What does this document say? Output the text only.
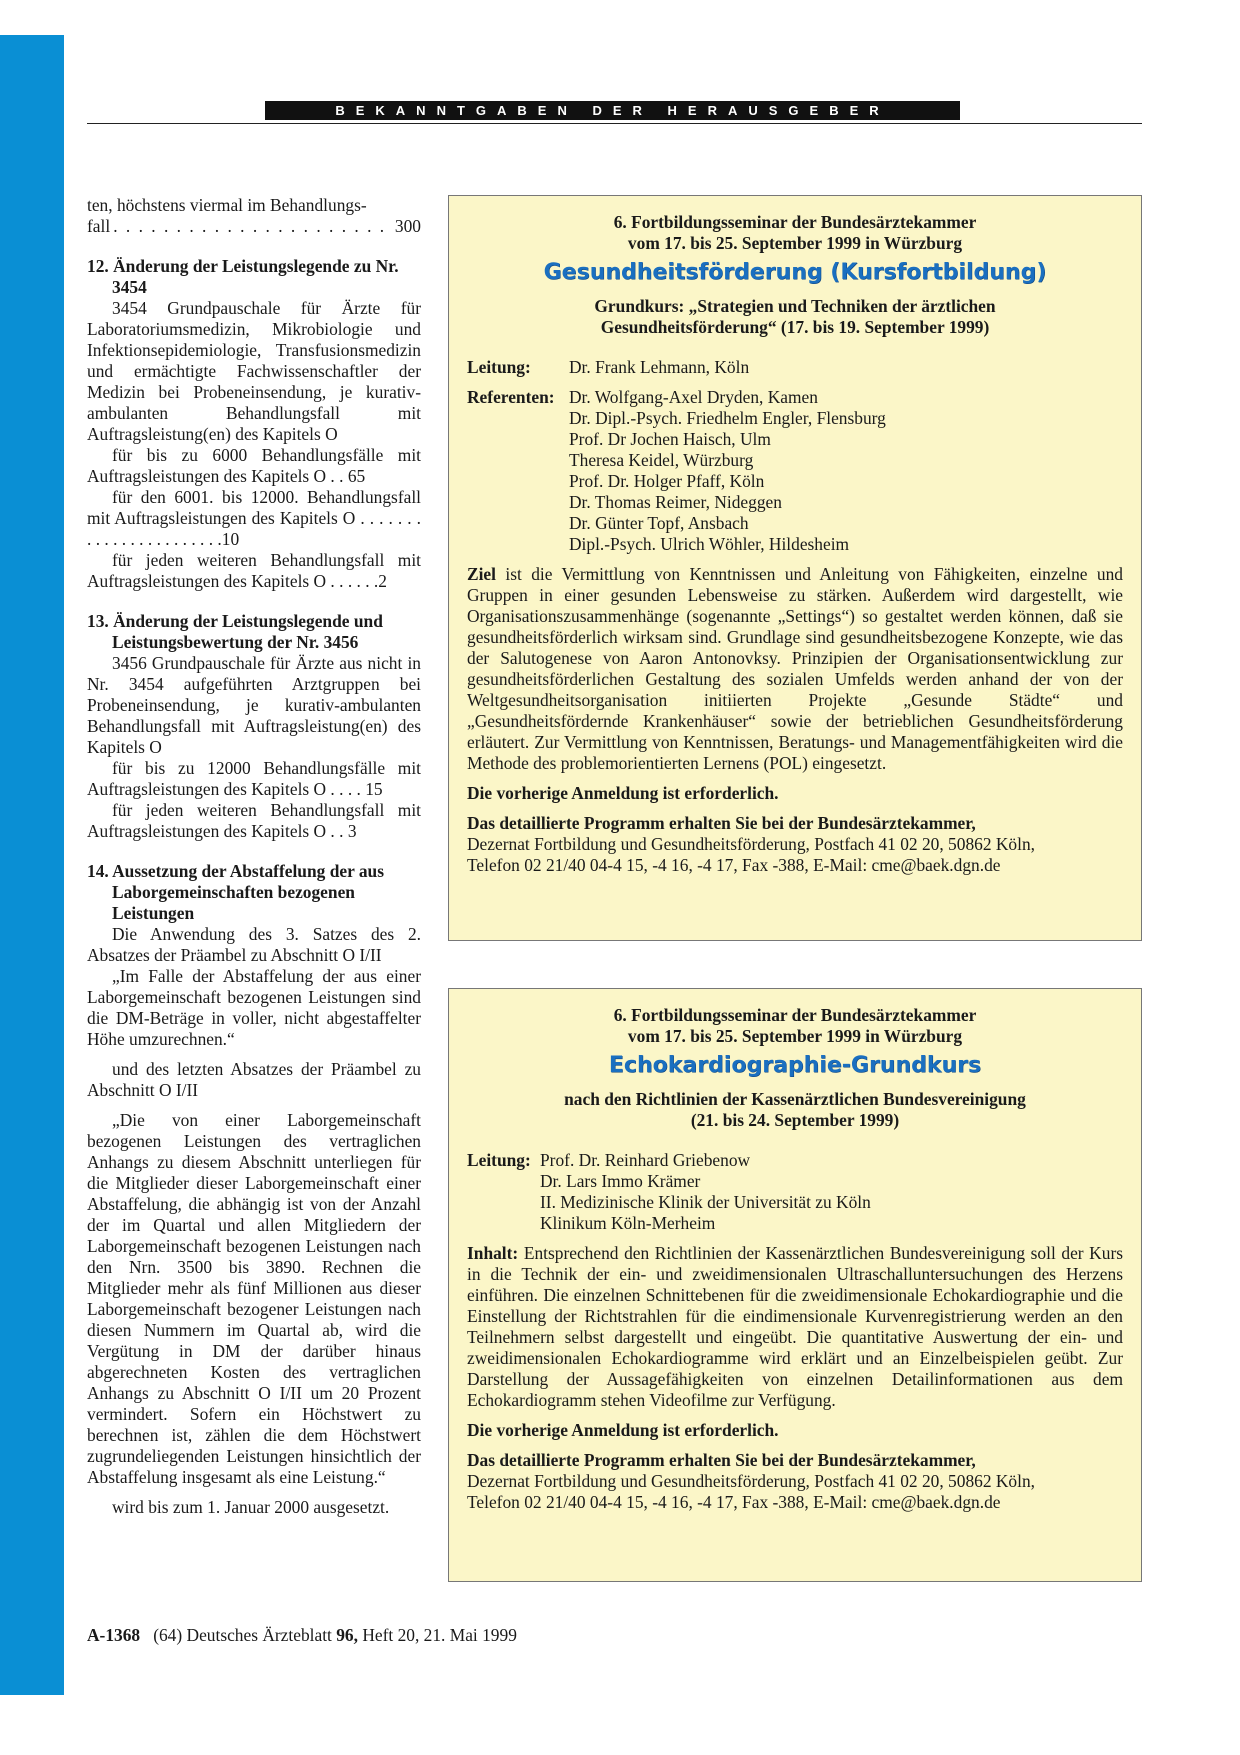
BEKANNTGABEN DER HERAUSGEBER

ten, höchstens viermal im Behandlungs-

fall . . .	300
12. Änderung der Leistungslegende zu Nr. 3454

3454 Grundpauschale für Ärzte für Laboratoriumsmedizin, Mikrobiologie und Infektionsepidemiologie, Transfusionsmedizin und ermächtigte Fachwissenschaftler der Medizin bei Probeneinsendung, je kurativ-ambulanten Behandlungsfall mit Auftragsleistung(en) des Kapitels O

für bis zu 6000 Behandlungsfälle mit Auftragsleistungen des Kapitels O . . 65

für den 6001. bis 12000. Behandlungsfall mit Auftragsleistungen des Kapitels O . . . . . . . . . . . . . . . . . . . . . . .10

für jeden weiteren Behandlungsfall mit Auftragsleistungen des Kapitels O . . . . . .2

13. Änderung der Leistungslegende und Leistungsbewertung der Nr. 3456

3456 Grundpauschale für Ärzte aus nicht in Nr. 3454 aufgeführten Arztgruppen bei Probeneinsendung, je kurativ-ambulanten Behandlungsfall mit Auftragsleistung(en) des Kapitels O

für bis zu 12000 Behandlungsfälle mit Auftragsleistungen des Kapitels O . . . . 15

für jeden weiteren Behandlungsfall mit Auftragsleistungen des Kapitels O . . 3

14. Aussetzung der Abstaffelung der aus Laborgemeinschaften bezogenen Leistungen

Die Anwendung des 3. Satzes des 2. Absatzes der Präambel zu Abschnitt O I/II

„Im Falle der Abstaffelung der aus einer Laborgemeinschaft bezogenen Leistungen sind die DM-Beträge in voller, nicht abgestaffelter Höhe umzurechnen.“

und des letzten Absatzes der Präambel zu Abschnitt O I/II

„Die von einer Laborgemeinschaft bezogenen Leistungen des vertraglichen Anhangs zu diesem Abschnitt unterliegen für die Mitglieder dieser Laborgemeinschaft einer Abstaffelung, die abhängig ist von der Anzahl der im Quartal und allen Mitgliedern der Laborgemeinschaft bezogenen Leistungen nach den Nrn. 3500 bis 3890. Rechnen die Mitglieder mehr als fünf Millionen aus dieser Laborgemeinschaft bezogener Leistungen nach diesen Nummern im Quartal ab, wird die Vergütung in DM der darüber hinaus abgerechneten Kosten des vertraglichen Anhangs zu Abschnitt O I/II um 20 Prozent vermindert. Sofern ein Höchstwert zu berechnen ist, zählen die dem Höchstwert zugrundeliegenden Leistungen hinsichtlich der Abstaffelung insgesamt als eine Leistung.“

wird bis zum 1. Januar 2000 ausgesetzt.

6. Fortbildungsseminar der Bundesärztekammer
vom 17. bis 25. September 1999 in Würzburg
Gesundheitsförderung (Kursfortbildung)
Grundkurs: „Strategien und Techniken der ärztlichen
Gesundheitsförderung“ (17. bis 19. September 1999)
Leitung:	Dr. Frank Lehmann, Köln
Referenten: Dr. Wolfgang-Axel Dryden, Kamen
Dr. Dipl.-Psych. Friedhelm Engler, Flensburg
Prof. Dr Jochen Haisch, Ulm
Theresa Keidel, Würzburg
Prof. Dr. Holger Pfaff, Köln
Dr. Thomas Reimer, Nideggen
Dr. Günter Topf, Ansbach
Dipl.-Psych. Ulrich Wöhler, Hildesheim

Ziel ist die Vermittlung von Kenntnissen und Anleitung von Fähigkeiten, einzelne und Gruppen in einer gesunden Lebensweise zu stärken. Außerdem wird dargestellt, wie Organisationszusammenhänge (sogenannte „Settings“) so gestaltet werden können, daß sie gesundheitsförderlich wirksam sind. Grundlage sind gesundheitsbezogene Konzepte, wie das der Salutogenese von Aaron Antonovksy. Prinzipien der Organisationsentwicklung zur gesundheitsförderlichen Gestaltung des sozialen Umfelds werden anhand der von der Weltgesundheitsorganisation initiierten Projekte „Gesunde Städte“ und „Gesundheitsfördernde Krankenhäuser“ sowie der betrieblichen Gesundheitsförderung erläutert. Zur Vermittlung von Kenntnissen, Beratungs- und Managementfähigkeiten wird die Methode des problemorientierten Lernens (POL) eingesetzt.

Die vorherige Anmeldung ist erforderlich.
Das detaillierte Programm erhalten Sie bei der Bundesärztekammer,
Dezernat Fortbildung und Gesundheitsförderung, Postfach 41 02 20, 50862 Köln,
Telefon 02 21/40 04-4 15, -4 16, -4 17, Fax -388, E-Mail: cme@baek.dgn.de
6. Fortbildungsseminar der Bundesärztekammer
vom 17. bis 25. September 1999 in Würzburg
Echokardiographie-Grundkurs
nach den Richtlinien der Kassenärztlichen Bundesvereinigung
(21. bis 24. September 1999)
Leitung: Prof. Dr. Reinhard Griebenow
Dr. Lars Immo Krämer
II. Medizinische Klinik der Universität zu Köln
Klinikum Köln-Merheim

Inhalt: Entsprechend den Richtlinien der Kassenärztlichen Bundesvereinigung soll der Kurs in die Technik der ein- und zweidimensionalen Ultraschalluntersuchungen des Herzens einführen. Die einzelnen Schnittebenen für die zweidimensionale Echokardiographie und die Einstellung der Richtstrahlen für die eindimensionale Kurvenregistrierung werden an den Teilnehmern selbst dargestellt und eingeübt. Die quantitative Auswertung der ein- und zweidimensionalen Echokardiogramme wird erklärt und an Einzelbeispielen geübt. Zur Darstellung der Aussagefähigkeiten von einzelnen Detailinformationen aus dem Echokardiogramm stehen Videofilme zur Verfügung.

Die vorherige Anmeldung ist erforderlich.
Das detaillierte Programm erhalten Sie bei der Bundesärztekammer,
Dezernat Fortbildung und Gesundheitsförderung, Postfach 41 02 20, 50862 Köln,
Telefon 02 21/40 04-4 15, -4 16, -4 17, Fax -388, E-Mail: cme@baek.dgn.de
A-1368 (64) Deutsches Ärzteblatt 96, Heft 20, 21. Mai 1999
